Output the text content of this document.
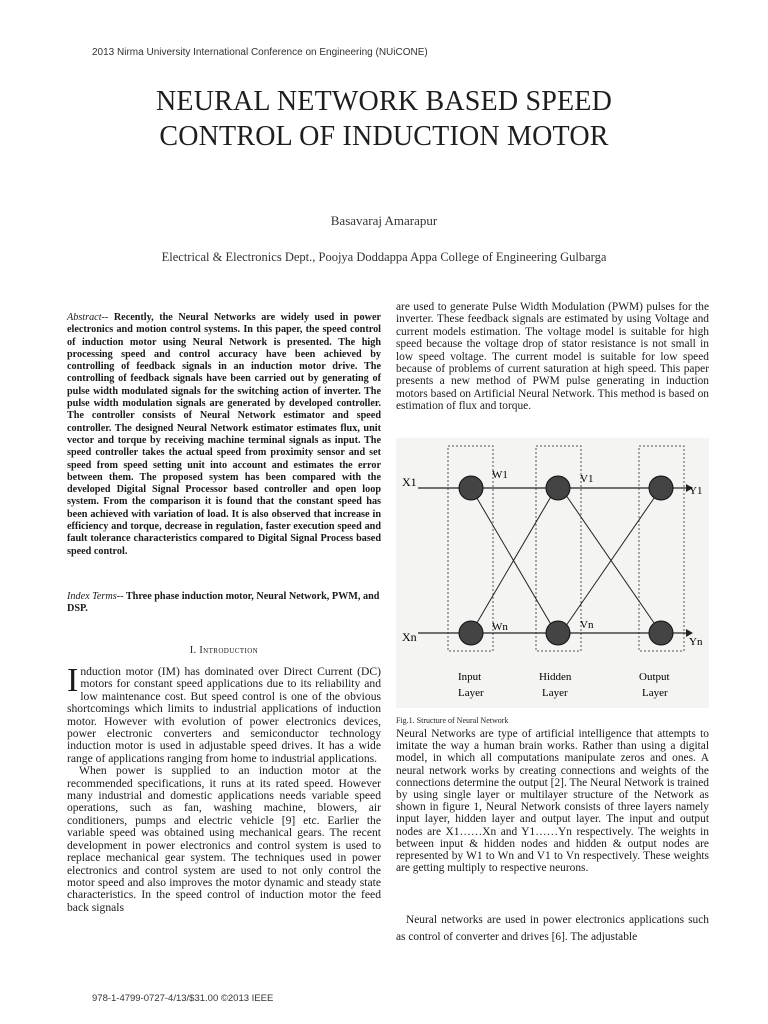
2013 Nirma University International Conference on Engineering (NUiCONE)
NEURAL NETWORK BASED SPEED
CONTROL OF INDUCTION MOTOR
Basavaraj Amarapur
Electrical & Electronics Dept., Poojya Doddappa Appa College of Engineering Gulbarga
Abstract-- Recently, the Neural Networks are widely used in power electronics and motion control systems. In this paper, the speed control of induction motor using Neural Network is presented. The high processing speed and control accuracy have been achieved by controlling of feedback signals in an induction motor drive. The controlling of feedback signals have been carried out by generating of pulse width modulated signals for the switching action of inverter. The pulse width modulation signals are generated by developed controller. The controller consists of Neural Network estimator and speed controller. The designed Neural Network estimator estimates flux, unit vector and torque by receiving machine terminal signals as input. The speed controller takes the actual speed from proximity sensor and set speed from speed setting unit into account and estimates the error between them. The proposed system has been compared with the developed Digital Signal Processor based controller and open loop system. From the comparison it is found that the constant speed has been achieved with variation of load. It is also observed that increase in efficiency and torque, decrease in regulation, faster execution speed and fault tolerance characteristics compared to Digital Signal Process based speed control.
Index Terms-- Three phase induction motor, Neural Network, PWM, and DSP.
I. Introduction

Induction motor (IM) has dominated over Direct Current (DC) motors for constant speed applications due to its reliability and low maintenance cost. But speed control is one of the obvious shortcomings which limits to industrial applications of induction motor. However with evolution of power electronics devices, power electronic converters and semiconductor technology induction motor is used in adjustable speed drives. It has a wide range of applications ranging from home to industrial applications.

When power is supplied to an induction motor at the recommended specifications, it runs at its rated speed. However many industrial and domestic applications needs variable speed operations, such as fan, washing machine, blowers, air conditioners, pumps and electric vehicle [9] etc. Earlier the variable speed was obtained using mechanical gears. The recent development in power electronics and control system is used to replace mechanical gear system. The techniques used in power electronics and control system are used to not only control the motor speed and also improves the motor dynamic and steady state characteristics. In the speed control of induction motor the feed back signals

are used to generate Pulse Width Modulation (PWM) pulses for the inverter. These feedback signals are estimated by using Voltage and current models estimation. The voltage model is suitable for high speed because the voltage drop of stator resistance is not small in low speed voltage. The current model is suitable for low speed because of problems of current saturation at high speed. This paper presents a new method of PWM pulse generating in induction motors based on Artificial Neural Network. This method is based on estimation of flux and torque.
X1
Xn
W1
Wn
V1
Vn
Y1
Yn
Input
Layer
Hidden
Layer
Output
Layer
Fig.1. Structure of Neural Network
Neural Networks are type of artificial intelligence that attempts to imitate the way a human brain works. Rather than using a digital model, in which all computations manipulate zeros and ones. A neural network works by creating connections and weights of the connections determine the output [2]. The Neural Network is trained by using single layer or multilayer structure of the Network as shown in figure 1, Neural Network consists of three layers namely input layer, hidden layer and output layer. The input and output nodes are X1……Xn and Y1……Yn respectively. The weights in between input & hidden nodes and hidden & output nodes are represented by W1 to Wn and V1 to Vn respectively. These weights are getting multiply to respective neurons.
Neural networks are used in power electronics applications such as control of converter and drives [6]. The adjustable
978-1-4799-0727-4/13/$31.00 ©2013 IEEE
